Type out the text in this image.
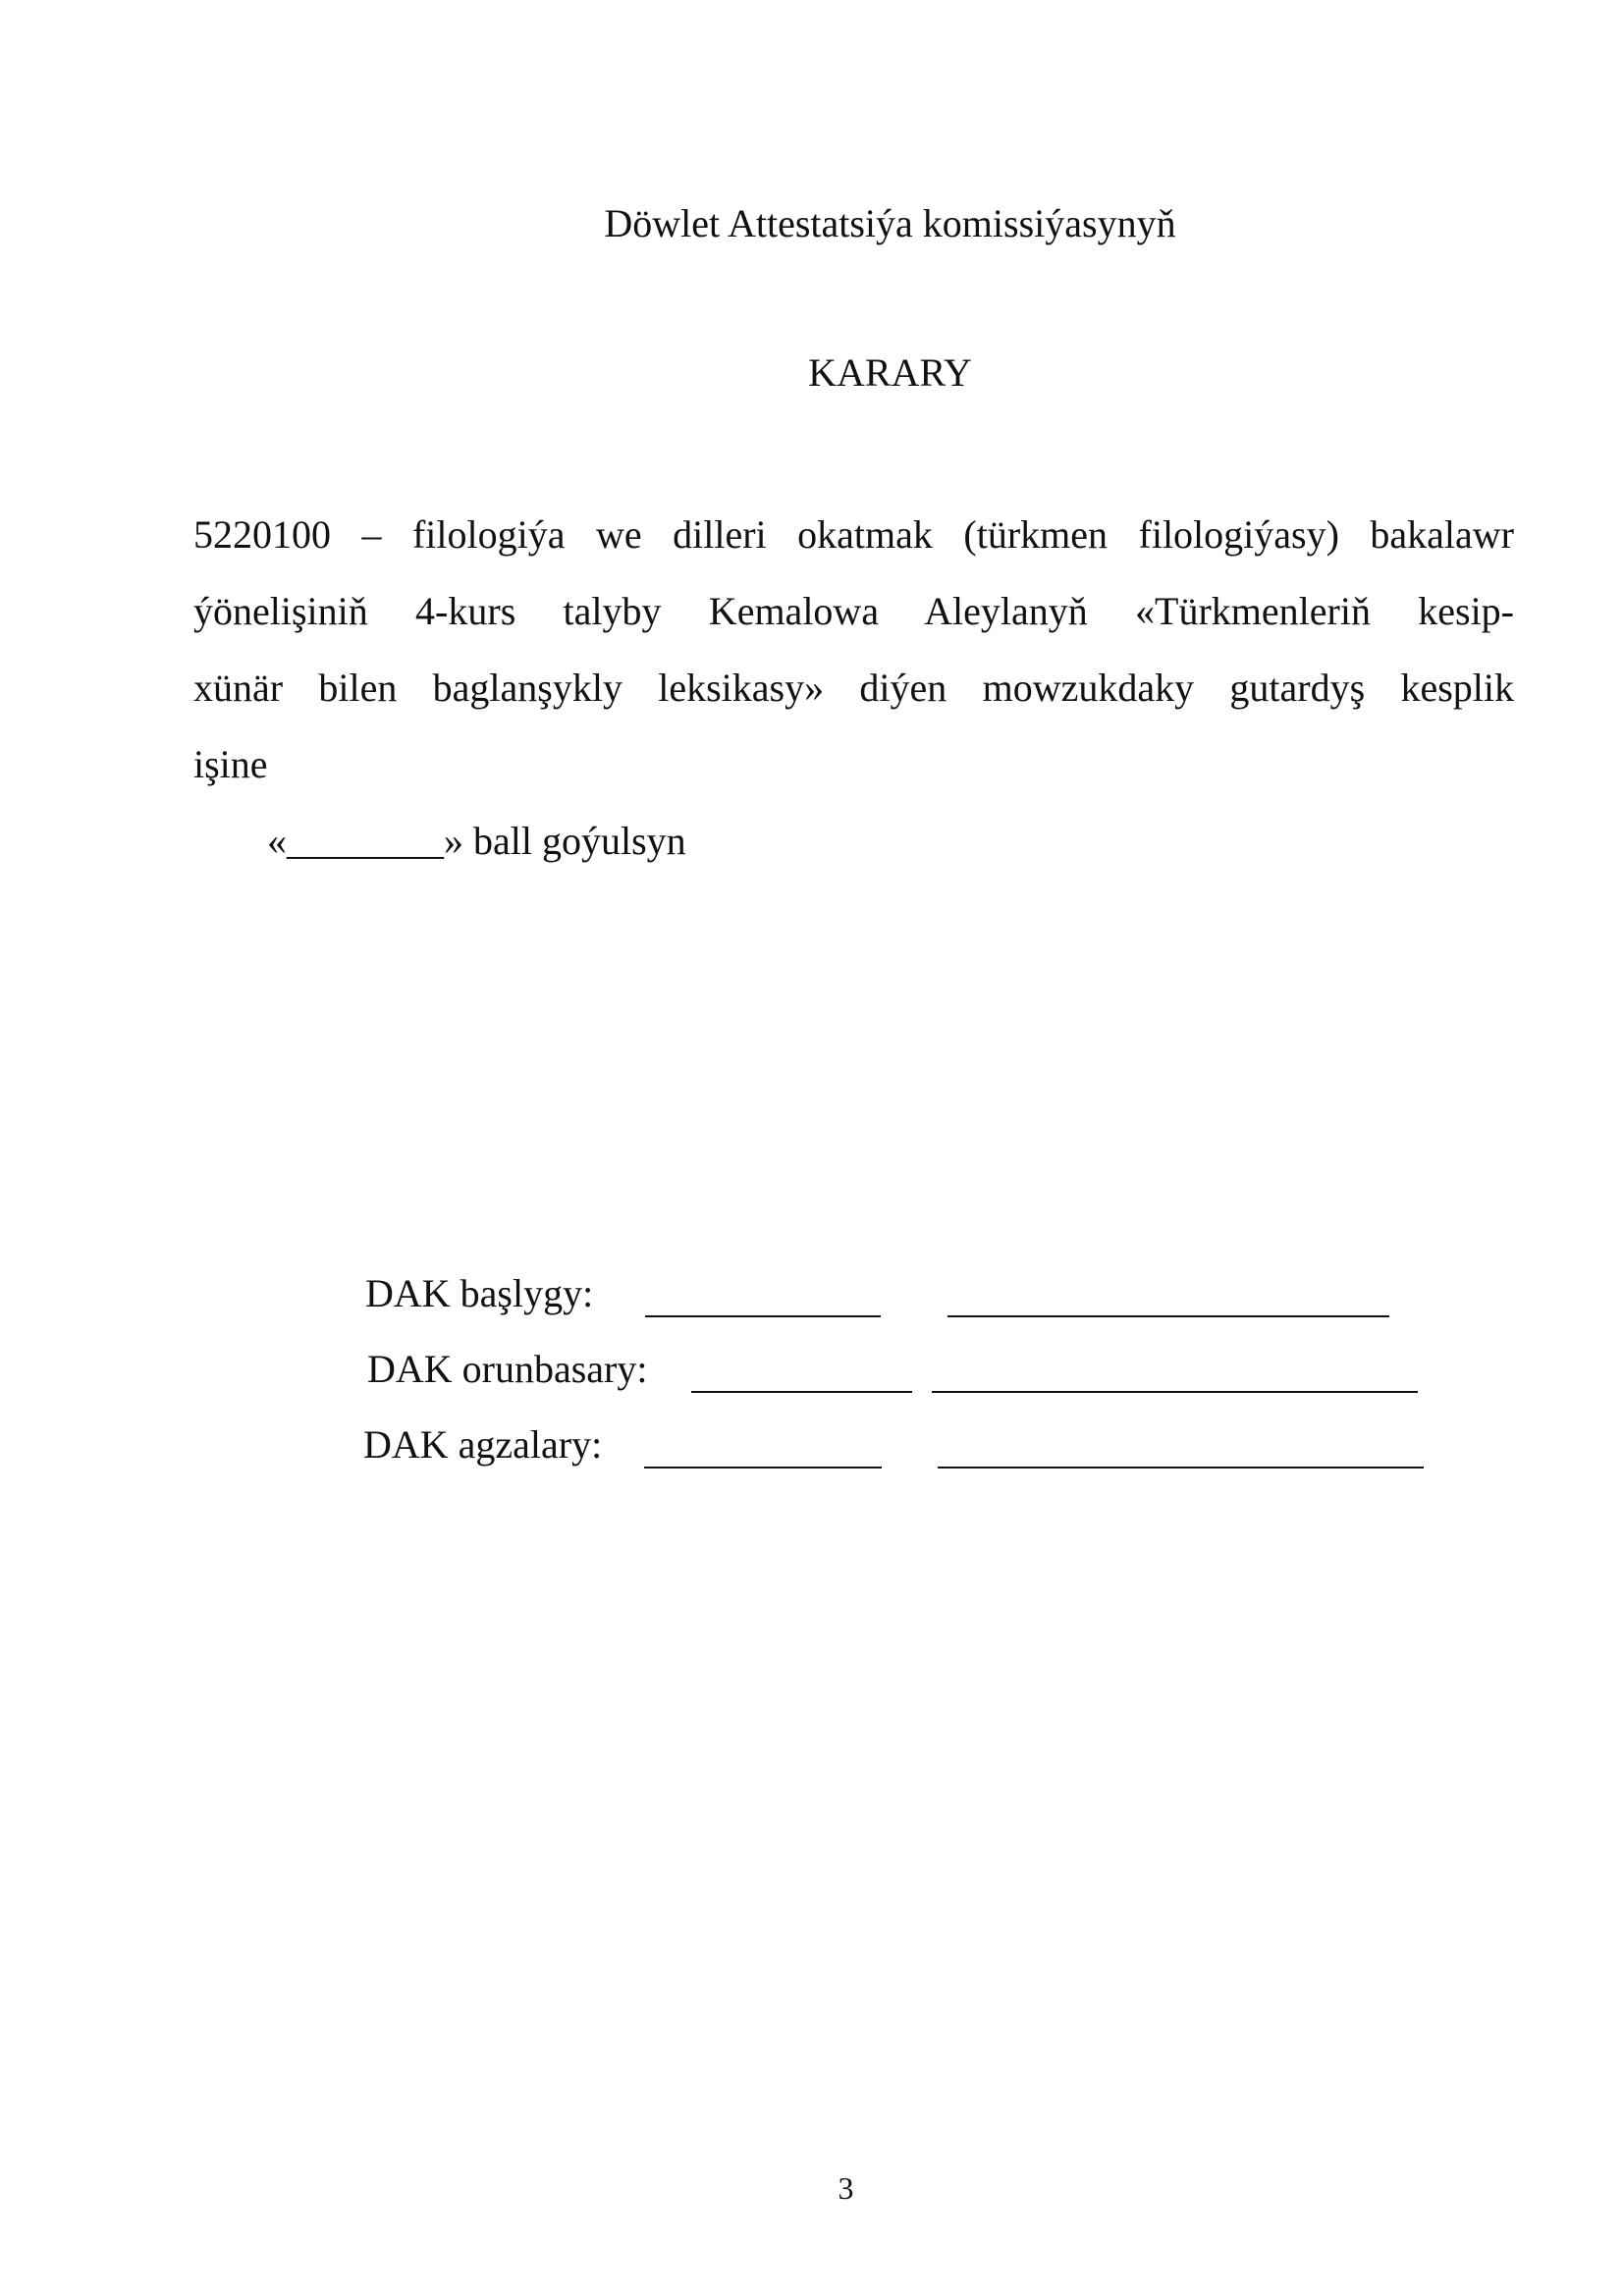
Döwlet Attestatsiýa komissiýasynyň
KARARY
5220100 – filologiýa we dilleri okatmak (türkmen filologiýasy) bakalawr
ýönelişiniň 4-kurs talyby Kemalowa Aleylanyň «Türkmenleriň kesip-
xünär bilen baglanşykly leksikasy» diýen mowzukdaky gutardyş kesplik
işine
«________» ball goýulsyn
DAK başlygy:
DAK orunbasary:
DAK agzalary:
3
